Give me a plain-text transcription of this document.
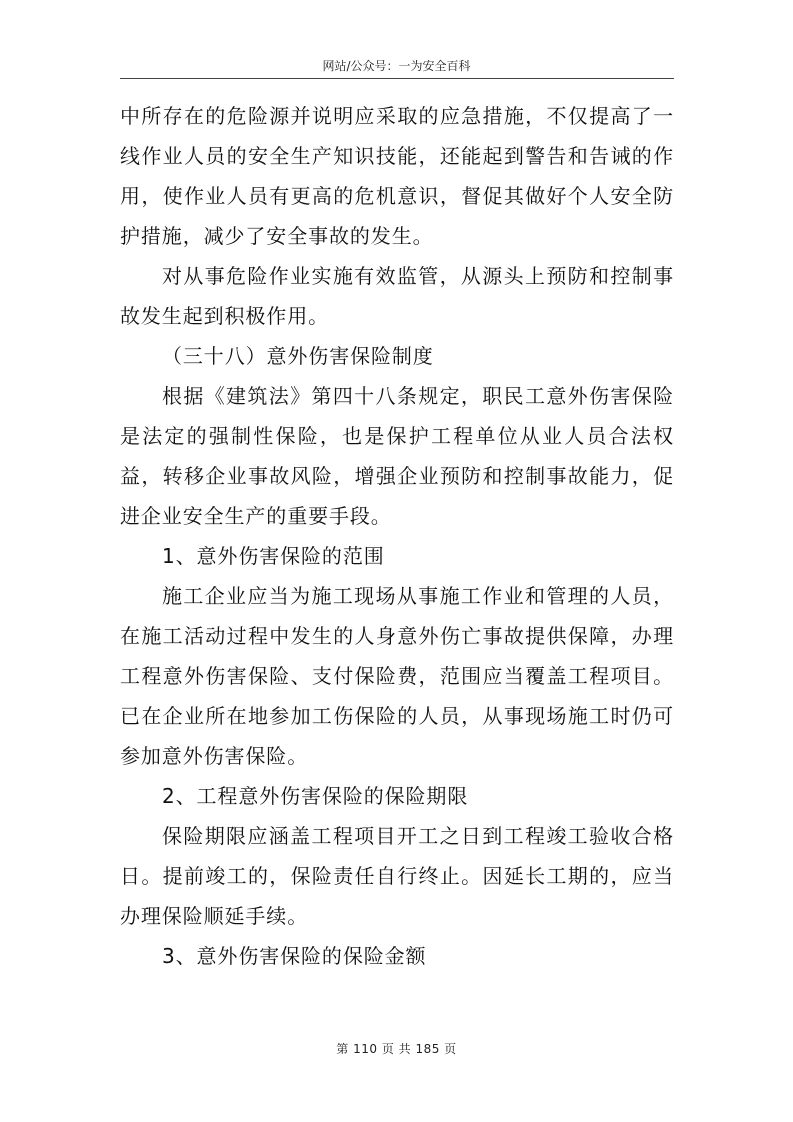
网站/公众号：一为安全百科

中所存在的危险源并说明应采取的应急措施，不仅提高了一线作业人员的安全生产知识技能，还能起到警告和告诫的作用，使作业人员有更高的危机意识，督促其做好个人安全防护措施，减少了安全事故的发生。

对从事危险作业实施有效监管，从源头上预防和控制事故发生起到积极作用。

（三十八）意外伤害保险制度

根据《建筑法》第四十八条规定，职民工意外伤害保险是法定的强制性保险，也是保护工程单位从业人员合法权益，转移企业事故风险，增强企业预防和控制事故能力，促进企业安全生产的重要手段。

1、意外伤害保险的范围

施工企业应当为施工现场从事施工作业和管理的人员，在施工活动过程中发生的人身意外伤亡事故提供保障，办理工程意外伤害保险、支付保险费，范围应当覆盖工程项目。已在企业所在地参加工伤保险的人员，从事现场施工时仍可参加意外伤害保险。

2、工程意外伤害保险的保险期限

保险期限应涵盖工程项目开工之日到工程竣工验收合格日。提前竣工的，保险责任自行终止。因延长工期的，应当办理保险顺延手续。

3、意外伤害保险的保险金额

第 110 页 共 185 页
